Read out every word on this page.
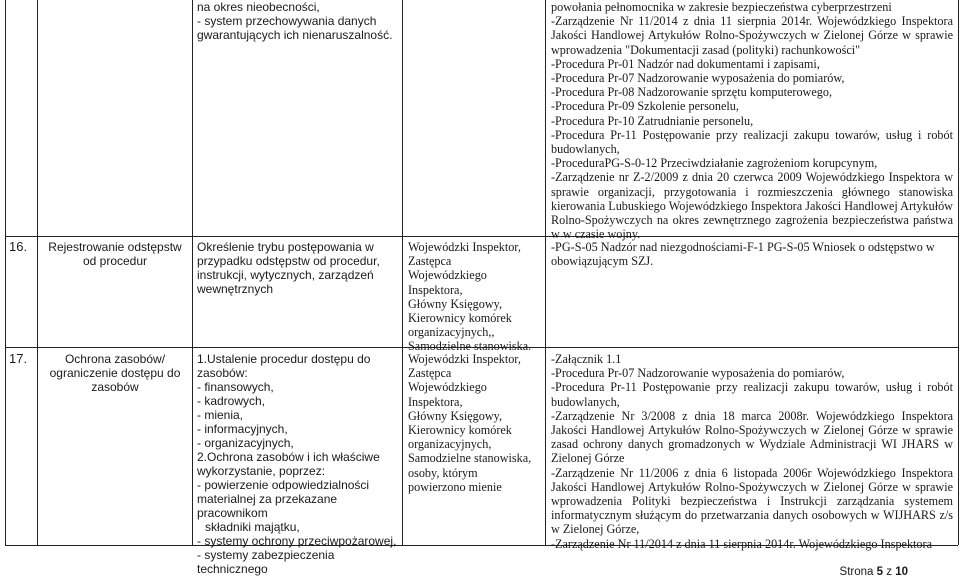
na okres nieobecności,

- system przechowywania danych

gwarantujących ich nienaruszalność.

powołania pełnomocnika w zakresie bezpieczeństwa cyberprzestrzeni

-Zarządzenie Nr 11/2014 z dnia 11 sierpnia 2014r. Wojewódzkiego Inspektora Jakości Handlowej Artykułów Rolno-Spożywczych w Zielonej Górze w sprawie wprowadzenia "Dokumentacji zasad (polityki) rachunkowości"

-Procedura Pr-01 Nadzór nad dokumentami i zapisami,

-Procedura Pr-07 Nadzorowanie wyposażenia do pomiarów,

-Procedura Pr-08 Nadzorowanie sprzętu komputerowego,

-Procedura Pr-09 Szkolenie personelu,

-Procedura Pr-10 Zatrudnianie personelu,

-Procedura Pr-11 Postępowanie przy realizacji zakupu towarów, usług i robót budowlanych,

-ProceduraPG-S-0-12 Przeciwdziałanie zagrożeniom korupcynym,

-Zarządzenie nr Z-2/2009 z dnia 20 czerwca 2009 Wojewódzkiego Inspektora w sprawie organizacji, przygotowania i rozmieszczenia głównego stanowiska kierowania Lubuskiego Wojewódzkiego Inspektora Jakości Handlowej Artykułów Rolno-Spożywczych na okres zewnętrznego zagrożenia bezpieczeństwa państwa w w czasie wojny.

16.	Rejestrowanie odstępstw od procedur

Określenie trybu postępowania w przypadku odstępstw od procedur, instrukcji, wytycznych, zarządzeń wewnętrznych

Wojewódzki Inspektor,

Zastępca

Wojewódzkiego

Inspektora,

Główny Księgowy,

Kierownicy komórek

organizacyjnych,,

Samodzielne stanowiska.

-PG-S-05 Nadzór nad niezgodnościami-F-1 PG-S-05 Wniosek o odstępstwo w obowiązującym SZJ.

17.	Ochrona zasobów/ ograniczenie dostępu do zasobów

1.Ustalenie procedur dostępu do zasobów:

- finansowych,

- kadrowych,

- mienia,

- informacyjnych,

- organizacyjnych,

2.Ochrona zasobów i ich właściwe wykorzystanie, poprzez:

- powierzenie odpowiedzialności

materialnej za przekazane pracownikom

składniki majątku,

- systemy ochrony przeciwpożarowej,

- systemy zabezpieczenia technicznego

Wojewódzki Inspektor,

Zastępca

Wojewódzkiego

Inspektora,

Główny Księgowy,

Kierownicy komórek

organizacyjnych,

Samodzielne stanowiska,

osoby, którym

powierzono mienie

-Załącznik 1.1

-Procedura Pr-07 Nadzorowanie wyposażenia do pomiarów,

-Procedura Pr-11 Postępowanie przy realizacji zakupu towarów, usług i robót budowlanych,

-Zarządzenie Nr 3/2008 z dnia 18 marca 2008r. Wojewódzkiego Inspektora Jakości Handlowej Artykułów Rolno-Spożywczych w Zielonej Górze w sprawie zasad ochrony danych gromadzonych w Wydziale Administracji WI JHARS w Zielonej Górze

-Zarządzenie Nr 11/2006 z dnia 6 listopada 2006r Wojewódzkiego Inspektora Jakości Handlowej Artykułów Rolno-Spożywczych w Zielonej Górze w sprawie wprowadzenia Polityki bezpieczeństwa i Instrukcji zarządzania systemem informatycznym służącym do przetwarzania danych osobowych w WIJHARS z/s w Zielonej Górze,

-Zarządzenie Nr 11/2014 z dnia 11 sierpnia 2014r. Wojewódzkiego Inspektora

Strona 5 z 10
